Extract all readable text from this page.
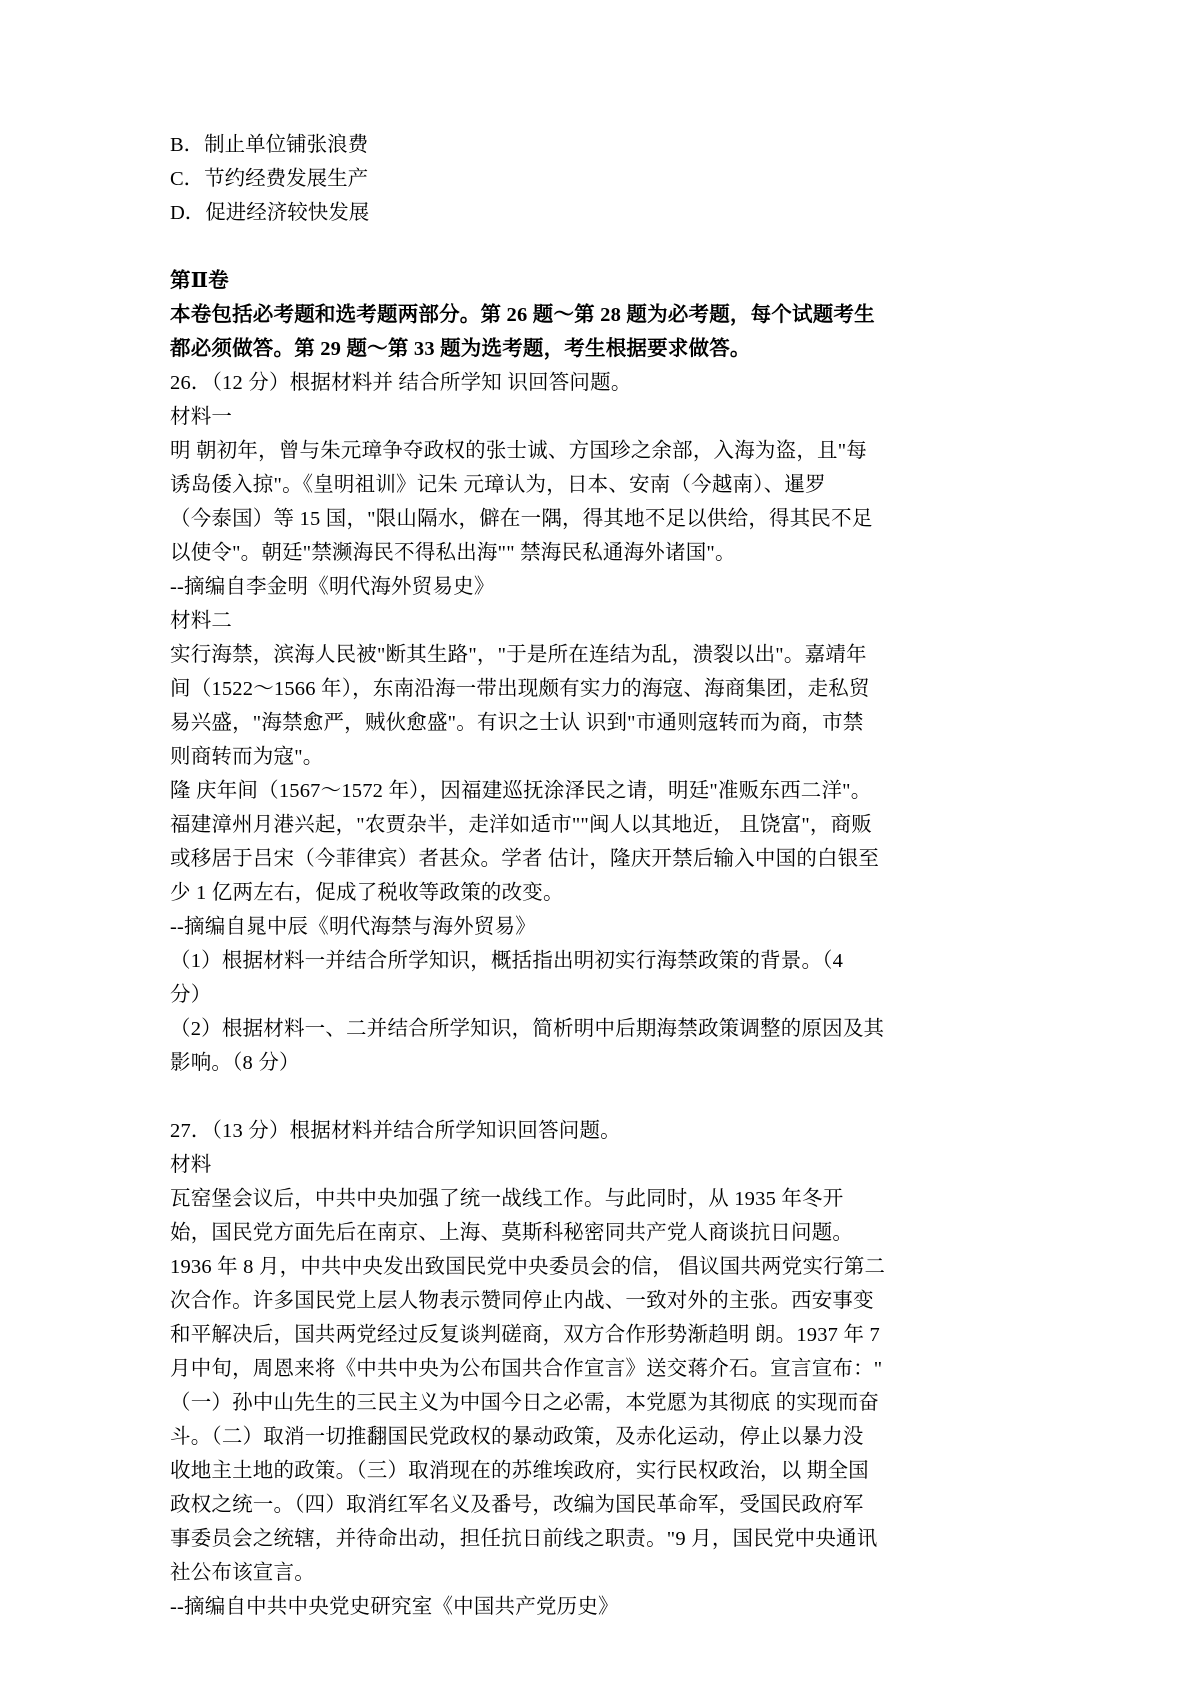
B．制止单位铺张浪费
C．节约经费发展生产
D．促进经济较快发展
第Ⅱ卷
本卷包括必考题和选考题两部分。第 26 题～第 28 题为必考题，每个试题考生
都必须做答。第 29 题～第 33 题为选考题，考生根据要求做答。
26．（12 分）根据材料并 结合所学知 识回答问题。
材料一
明 朝初年，曾与朱元璋争夺政权的张士诚、方国珍之余部，入海为盗，且"每
诱岛倭入掠"。《皇明祖训》记朱 元璋认为，日本、安南（今越南）、暹罗
（今泰国）等 15 国，"限山隔水，僻在一隅，得其地不足以供给，得其民不足
以使令"。朝廷"禁濒海民不得私出海"" 禁海民私通海外诸国"。
--摘编自李金明《明代海外贸易史》
材料二
实行海禁，滨海人民被"断其生路"，"于是所在连结为乱，溃裂以出"。嘉靖年
间（1522～1566 年），东南沿海一带出现颇有实力的海寇、海商集团，走私贸
易兴盛，"海禁愈严，贼伙愈盛"。有识之士认 识到"市通则寇转而为商，市禁
则商转而为寇"。
隆 庆年间（1567～1572 年），因福建巡抚涂泽民之请，明廷"准贩东西二洋"。
福建漳州月港兴起，"农贾杂半，走洋如适市""闽人以其地近， 且饶富"，商贩
或移居于吕宋（今菲律宾）者甚众。学者 估计，隆庆开禁后输入中国的白银至
少 1 亿两左右，促成了税收等政策的改变。
--摘编自晁中辰《明代海禁与海外贸易》
（1）根据材料一并结合所学知识，概括指出明初实行海禁政策的背景。（4
分）
（2）根据材料一、二并结合所学知识，简析明中后期海禁政策调整的原因及其
影响。（8 分）
27．（13 分）根据材料并结合所学知识回答问题。
材料
瓦窑堡会议后，中共中央加强了统一战线工作。与此同时，从 1935 年冬开
始，国民党方面先后在南京、上海、莫斯科秘密同共产党人商谈抗日问题。
1936 年 8 月，中共中央发出致国民党中央委员会的信， 倡议国共两党实行第二
次合作。许多国民党上层人物表示赞同停止内战、一致对外的主张。西安事变
和平解决后，国共两党经过反复谈判磋商，双方合作形势渐趋明 朗。1937 年 7
月中旬，周恩来将《中共中央为公布国共合作宣言》送交蒋介石。宣言宣布："
（一）孙中山先生的三民主义为中国今日之必需，本党愿为其彻底 的实现而奋
斗。（二）取消一切推翻国民党政权的暴动政策，及赤化运动，停止以暴力没
收地主土地的政策。（三）取消现在的苏维埃政府，实行民权政治，以 期全国
政权之统一。（四）取消红军名义及番号，改编为国民革命军，受国民政府军
事委员会之统辖，并待命出动，担任抗日前线之职责。"9 月，国民党中央通讯
社公布该宣言。
--摘编自中共中央党史研究室《中国共产党历史》
